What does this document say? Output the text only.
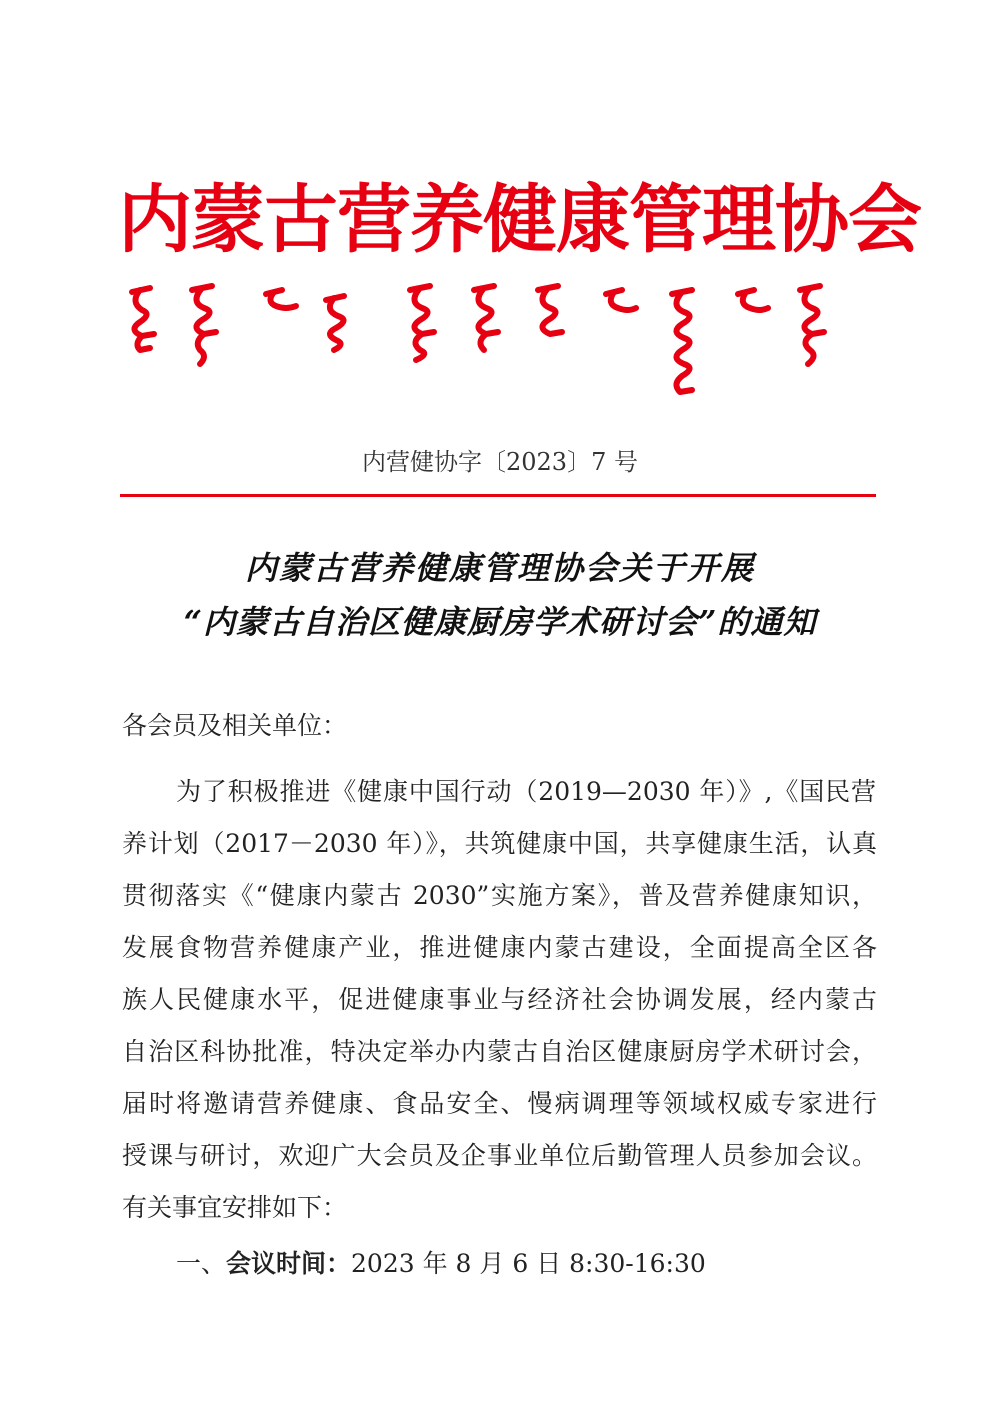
内蒙古营养健康管理协会
内营健协字〔2023〕7 号
内蒙古营养健康管理协会关于开展
“内蒙古自治区健康厨房学术研讨会”的通知
各会员及相关单位：
为了积极推进《健康中国行动（2019—2030 年）》,《国民营
养计划（2017－2030 年）》，共筑健康中国，共享健康生活，认真
贯彻落实《“健康内蒙古 2030”实施方案》，普及营养健康知识，
发展食物营养健康产业，推进健康内蒙古建设，全面提高全区各
族人民健康水平，促进健康事业与经济社会协调发展，经内蒙古
自治区科协批准，特决定举办内蒙古自治区健康厨房学术研讨会，
届时将邀请营养健康、食品安全、慢病调理等领域权威专家进行
授课与研讨，欢迎广大会员及企事业单位后勤管理人员参加会议。
有关事宜安排如下：
一、会议时间：2023 年 8 月 6 日 8:30-16:30
